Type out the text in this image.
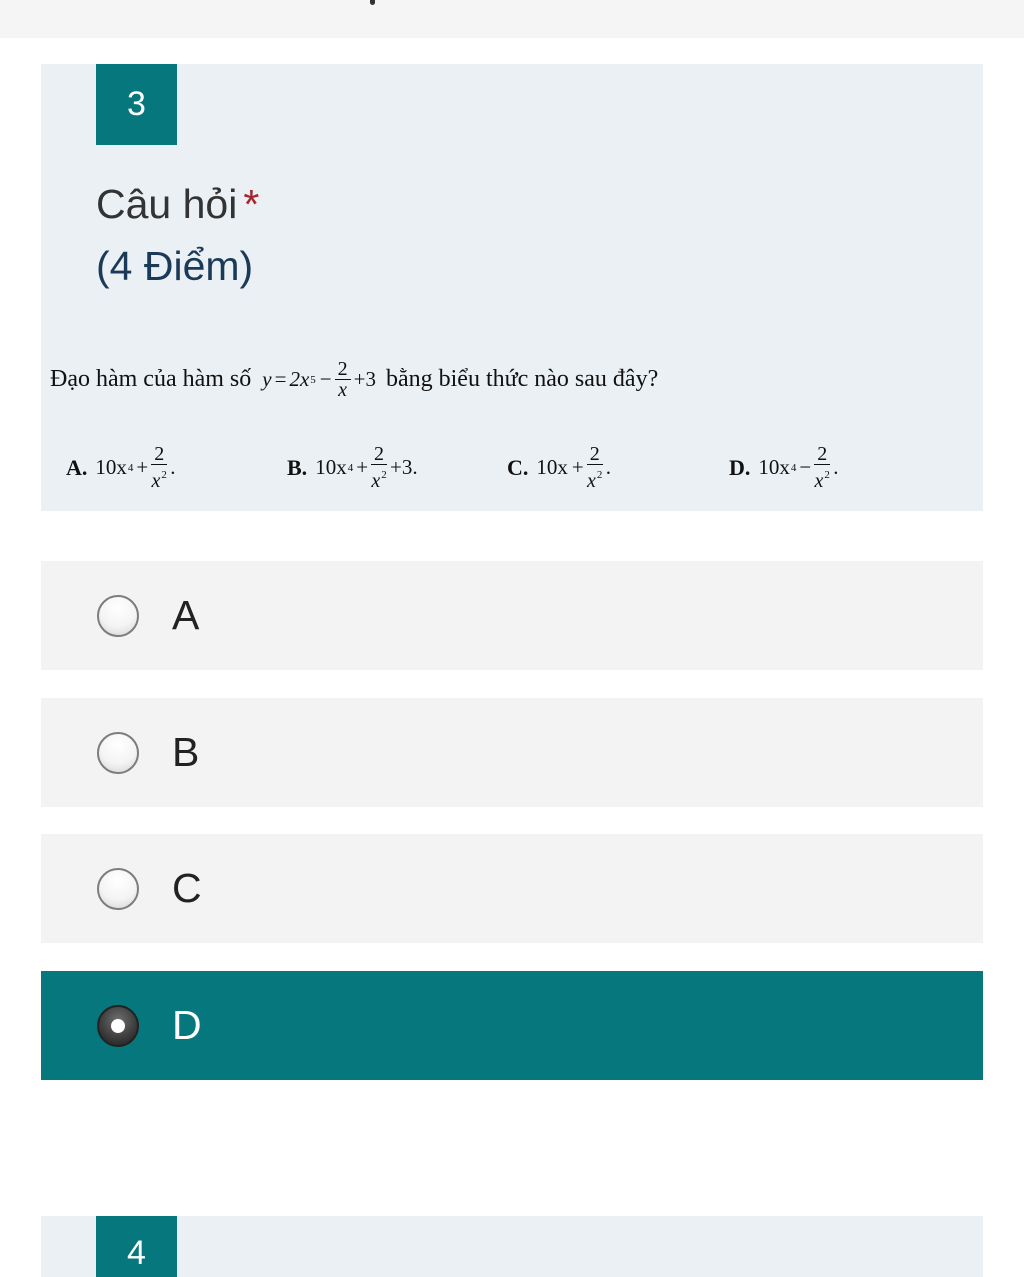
3
Câu hỏi *
(4 Điểm)
Đạo hàm của hàm số y = 2x $5 - \frac{2}{x} +3$ bằng biểu thức nào sau đây?
A. 10x $4 + \frac{2}{x^2}$ .	B. 10x $4 + \frac{2}{x^2} +3$.	C. $10x + \frac{2}{x^2}$ .	D. 10x $4 - \frac{2}{x^2}$ .
A
B
C
D
4
